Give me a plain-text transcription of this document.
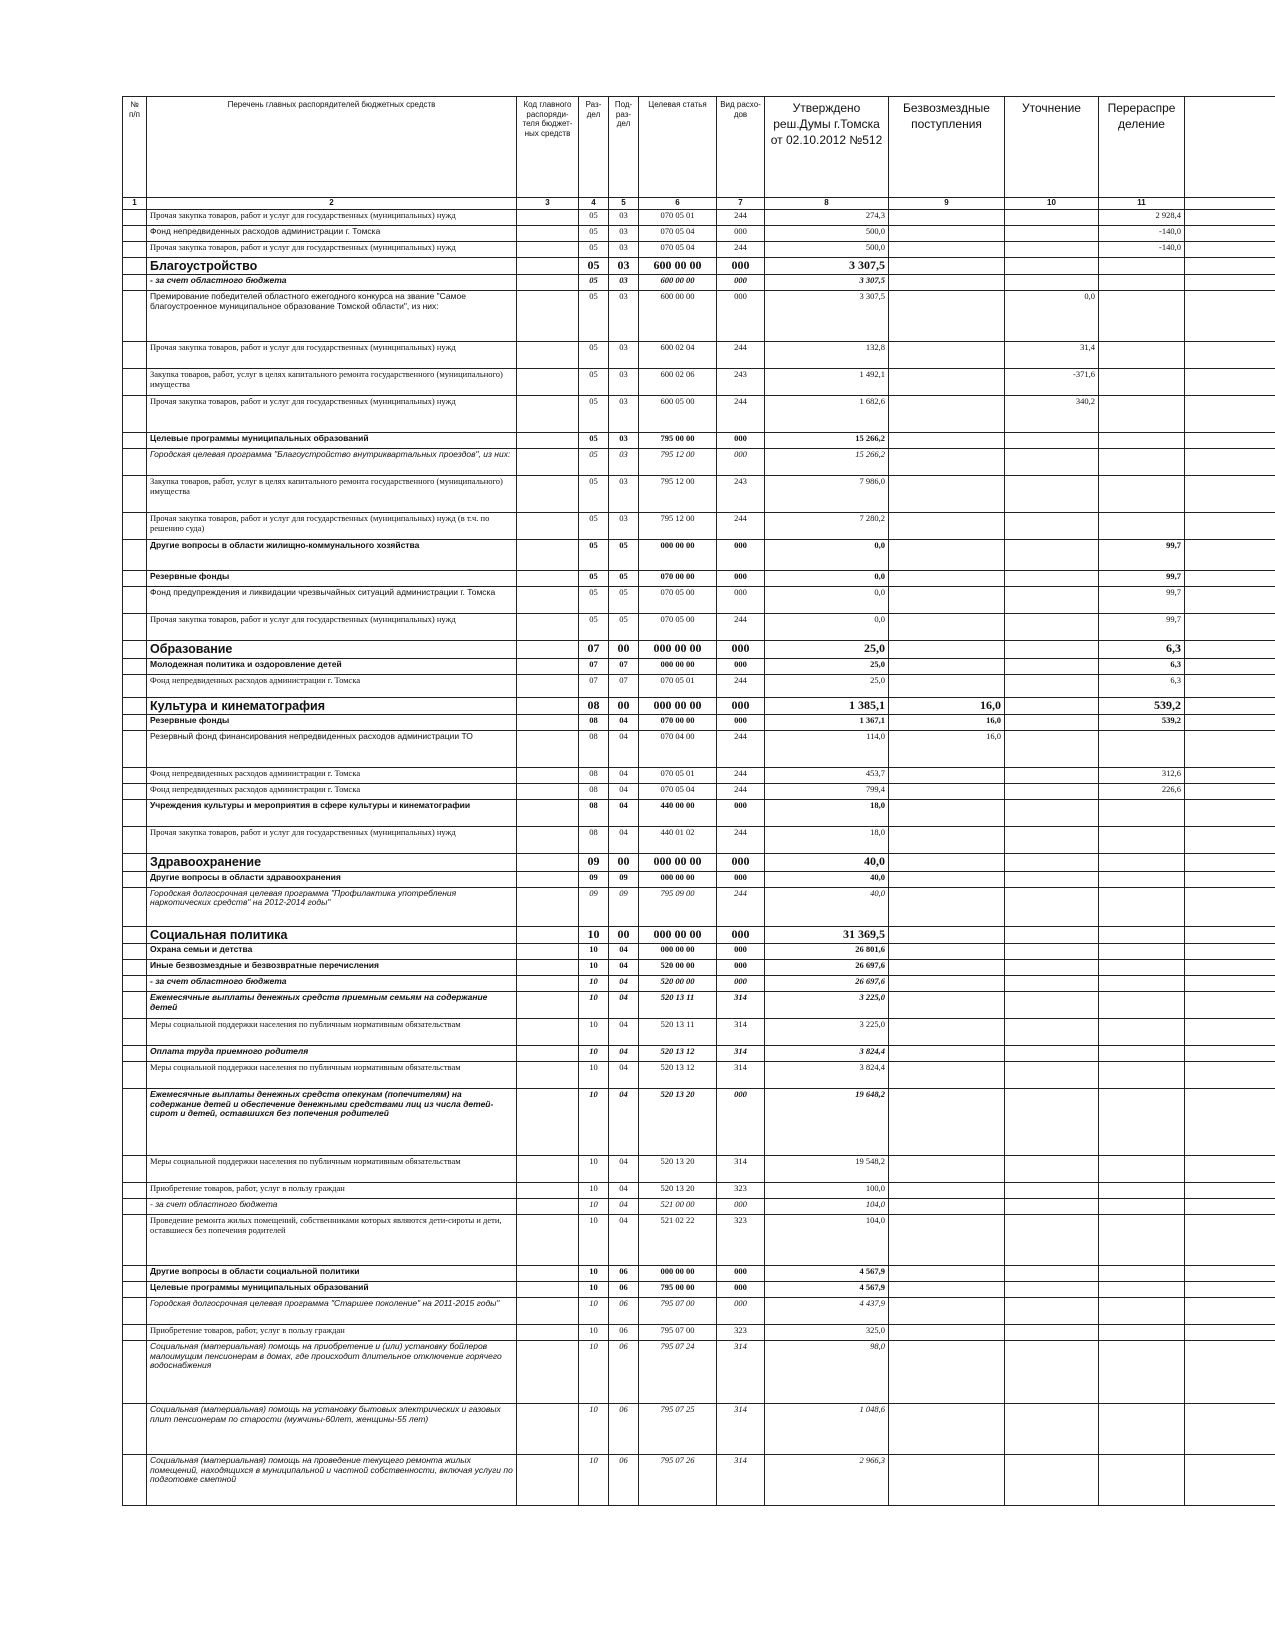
№ п/п	Перечень главных распорядителей бюджетных средств	Код главного распоряди-теля бюджет-ных средств	Раз-дел	Под-раз-дел	Целевая статья	Вид расхо-дов	Утверждено реш.Думы г.Томска от 02.10.2012 №512	Безвозмездные поступления	Уточнение	Перераспре деление	
1	2	3	4	5	6	7	8	9	10	11	
	Прочая закупка товаров, работ и услуг для государственных (муниципальных) нужд		05	03	070 05 01	244	274,3			2 928,4	
	Фонд непредвиденных расходов администрации г. Томска		05	03	070 05 04	000	500,0			-140,0	
	Прочая закупка товаров, работ и услуг для государственных (муниципальных) нужд		05	03	070 05 04	244	500,0			-140,0	
	Благоустройство		05	03	600 00 00	000	3 307,5				
	- за счет областного бюджета		05	03	600 00 00	000	3 307,5				
	Премирование победителей областного ежегодного конкурса на звание "Самое благоустроенное муниципальное образование Томской области", из них:		05	03	600 00 00	000	3 307,5		0,0		
	Прочая закупка товаров, работ и услуг для государственных (муниципальных) нужд		05	03	600 02 04	244	132,8		31,4		
	Закупка товаров, работ, услуг в целях капитального ремонта государственного (муниципального) имущества		05	03	600 02 06	243	1 492,1		-371,6		
	Прочая закупка товаров, работ и услуг для государственных (муниципальных) нужд		05	03	600 05 00	244	1 682,6		340,2		
	Целевые программы муниципальных образований		05	03	795 00 00	000	15 266,2				
	Городская целевая программа "Благоустройство внутриквартальных проездов", из них:		05	03	795 12 00	000	15 266,2				
	Закупка товаров, работ, услуг в целях капитального ремонта государственного (муниципального) имущества		05	03	795 12 00	243	7 986,0				
	Прочая закупка товаров, работ и услуг для государственных (муниципальных) нужд (в т.ч. по решению суда)		05	03	795 12 00	244	7 280,2				
	Другие вопросы в области жилищно-коммунального хозяйства		05	05	000 00 00	000	0,0			99,7	
	Резервные фонды		05	05	070 00 00	000	0,0			99,7	
	Фонд предупреждения и ликвидации чрезвычайных ситуаций администрации г. Томска		05	05	070 05 00	000	0,0			99,7	
	Прочая закупка товаров, работ и услуг для государственных (муниципальных) нужд		05	05	070 05 00	244	0,0			99,7	
	Образование		07	00	000 00 00	000	25,0			6,3	
	Молодежная политика и оздоровление детей		07	07	000 00 00	000	25,0			6,3	
	Фонд непредвиденных расходов администрации г. Томска		07	07	070 05 01	244	25,0			6,3	
	Культура и кинематография		08	00	000 00 00	000	1 385,1	16,0		539,2	
	Резервные фонды		08	04	070 00 00	000	1 367,1	16,0		539,2	
	Резервный фонд финансирования непредвиденных расходов администрации ТО		08	04	070 04 00	244	114,0	16,0			
	Фонд непредвиденных расходов администрации г. Томска		08	04	070 05 01	244	453,7			312,6	
	Фонд непредвиденных расходов администрации г. Томска		08	04	070 05 04	244	799,4			226,6	
	Учреждения культуры и мероприятия в сфере культуры и кинематографии		08	04	440 00 00	000	18,0				
	Прочая закупка товаров, работ и услуг для государственных (муниципальных) нужд		08	04	440 01 02	244	18,0				
	Здравоохранение		09	00	000 00 00	000	40,0				
	Другие вопросы в области здравоохранения		09	09	000 00 00	000	40,0				
	Городская долгосрочная целевая программа "Профилактика употребления наркотических средств" на 2012-2014 годы"		09	09	795 09 00	244	40,0				
	Социальная политика		10	00	000 00 00	000	31 369,5				
	Охрана семьи и детства		10	04	000 00 00	000	26 801,6				
	Иные безвозмездные и безвозвратные перечисления		10	04	520 00 00	000	26 697,6				
	- за счет областного бюджета		10	04	520 00 00	000	26 697,6				
	Ежемесячные выплаты денежных средств приемным семьям на содержание детей		10	04	520 13 11	314	3 225,0				
	Меры социальной поддержки населения по публичным нормативным обязательствам		10	04	520 13 11	314	3 225,0				
	Оплата труда приемного родителя		10	04	520 13 12	314	3 824,4				
	Меры социальной поддержки населения по публичным нормативным обязательствам		10	04	520 13 12	314	3 824,4				
	Ежемесячные выплаты денежных средств опекунам (попечителям) на содержание детей и обеспечение денежными средствами лиц из числа детей-сирот и детей, оставшихся без попечения родителей		10	04	520 13 20	000	19 648,2				
	Меры социальной поддержки населения по публичным нормативным обязательствам		10	04	520 13 20	314	19 548,2				
	Приобретение товаров, работ, услуг в пользу граждан		10	04	520 13 20	323	100,0				
	- за счет областного бюджета		10	04	521 00 00	000	104,0				
	Проведение ремонта жилых помещений, собственниками которых являются дети-сироты и дети, оставшиеся без попечения родителей		10	04	521 02 22	323	104,0				
	Другие вопросы в области социальной политики		10	06	000 00 00	000	4 567,9				
	Целевые программы муниципальных образований		10	06	795 00 00	000	4 567,9				
	Городская долгосрочная целевая программа "Старшее поколение" на 2011-2015 годы"		10	06	795 07 00	000	4 437,9				
	Приобретение товаров, работ, услуг в пользу граждан		10	06	795 07 00	323	325,0				
	Социальная (материальная) помощь на приобретение и (или) установку бойлеров малоимущим пенсионерам в домах, где происходит длительное отключение горячего водоснабжения		10	06	795 07 24	314	98,0				
	Социальная (материальная) помощь на установку бытовых электрических и газовых плит пенсионерам по старости (мужчины-60лет, женщины-55 лет)		10	06	795 07 25	314	1 048,6				
	Социальная (материальная) помощь на проведение текущего ремонта жилых помещений, находящихся в муниципальной и частной собственности, включая услуги по подготовке сметной		10	06	795 07 26	314	2 966,3				
